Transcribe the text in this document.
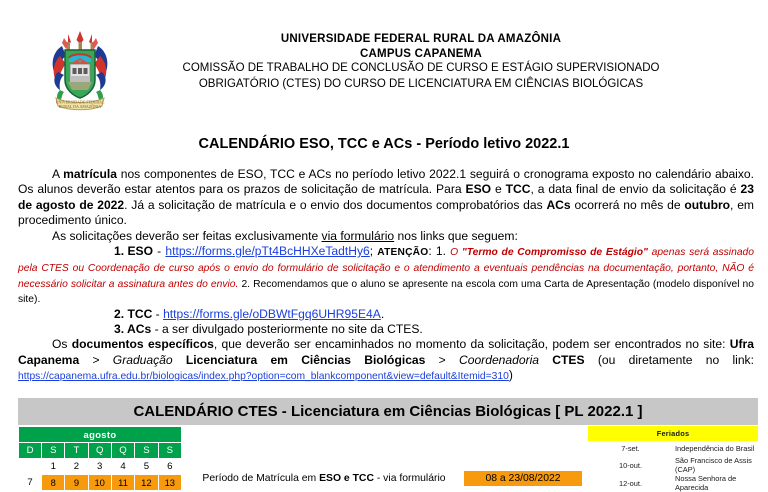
UNIVERSIDADE FEDERAL
RURAL DA AMAZÔNIA
UNIVERSIDADE FEDERAL RURAL DA AMAZÔNIA
CAMPUS CAPANEMA
COMISSÃO DE TRABALHO DE CONCLUSÃO DE CURSO E ESTÁGIO SUPERVISIONADO
OBRIGATÓRIO (CTES) DO CURSO DE LICENCIATURA EM CIÊNCIAS BIOLÓGICAS
CALENDÁRIO ESO, TCC e ACs - Período letivo 2022.1

A matrícula nos componentes de ESO, TCC e ACs no período letivo 2022.1 seguirá o cronograma exposto no calendário abaixo. Os alunos deverão estar atentos para os prazos de solicitação de matrícula. Para ESO e TCC, a data final de envio da solicitação é 23 de agosto de 2022. Já a solicitação de matrícula e o envio dos documentos comprobatórios das ACs ocorrerá no mês de outubro, em procedimento único.

As solicitações deverão ser feitas exclusivamente via formulário nos links que seguem:

1. ESO - https://forms.gle/pTt4BcHHXeTadtHy6; ATENÇÃO: 1. O "Termo de Compromisso de Estágio" apenas será assinado pela CTES ou Coordenação de curso após o envio do formulário de solicitação e o atendimento a eventuais pendências na documentação, portanto, NÃO é necessário solicitar a assinatura antes do envio. 2. Recomendamos que o aluno se apresente na escola com uma Carta de Apresentação (modelo disponível no site).

2. TCC - https://forms.gle/oDBWtFgq6UHR95E4A.

3. ACs - a ser divulgado posteriormente no site da CTES.

Os documentos específicos, que deverão ser encaminhados no momento da solicitação, podem ser encontrados no site: Ufra Capanema > Graduação Licenciatura em Ciências Biológicas > Coordenadoria CTES (ou diretamente no link: https://capanema.ufra.edu.br/biologicas/index.php?option=com_blankcomponent&view=default&Itemid=310)

CALENDÁRIO CTES - Licenciatura em Ciências Biológicas [ PL 2022.1 ]
agosto						
D	S	T	Q	Q	S	S
	1	2	3	4	5	6
7	8	9	10	11	12	13	Período de Matrícula em ESO e TCC - via formulário	08 a 23/08/2022
Feriados	
7-set.	Independência do Brasil
10-out.	São Francisco de Assis (CAP)
12-out.	Nossa Senhora de Aparecida
